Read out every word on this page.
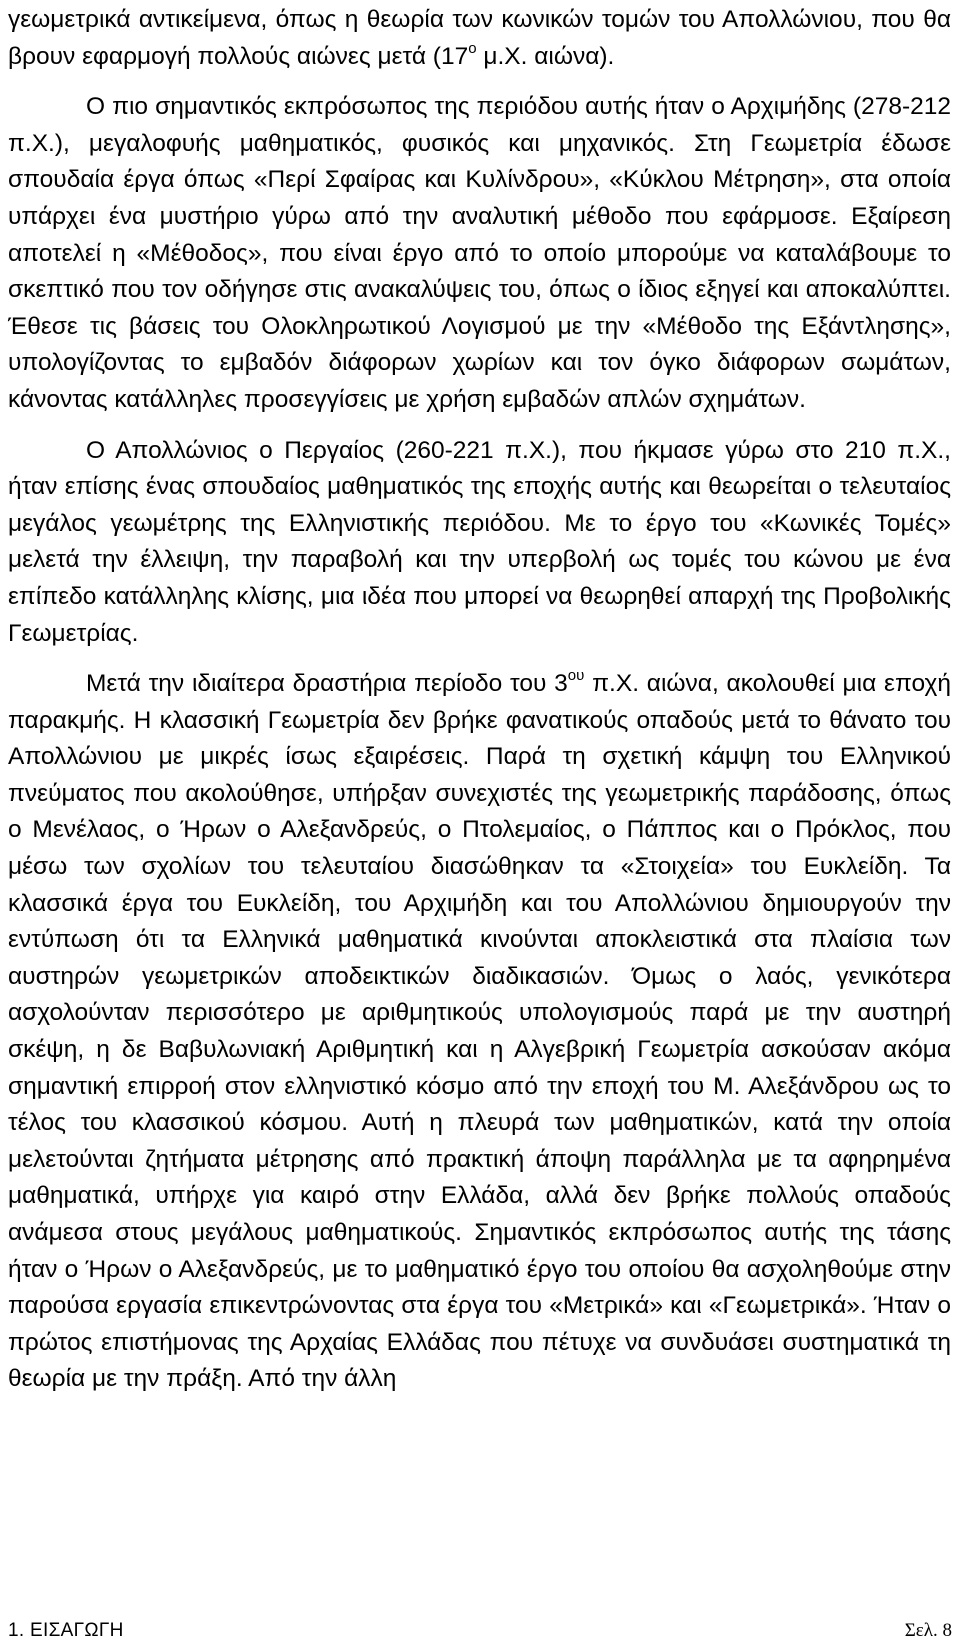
γεωμετρικά αντικείμενα, όπως η θεωρία των κωνικών τομών του Απολλώνιου, που θα βρουν εφαρμογή πολλούς αιώνες μετά ($17^o$ μ.Χ. αιώνα).

Ο πιο σημαντικός εκπρόσωπος της περιόδου αυτής ήταν ο Αρχιμήδης (278-212 π.Χ.), μεγαλοφυής μαθηματικός, φυσικός και μηχανικός. Στη Γεωμετρία έδωσε σπουδαία έργα όπως «Περί Σφαίρας και Κυλίνδρου», «Κύκλου Μέτρηση», στα οποία υπάρχει ένα μυστήριο γύρω από την αναλυτική μέθοδο που εφάρμοσε. Εξαίρεση αποτελεί η «Μέθοδος», που είναι έργο από το οποίο μπορούμε να καταλάβουμε το σκεπτικό που τον οδήγησε στις ανακαλύψεις του, όπως ο ίδιος εξηγεί και αποκαλύπτει. Έθεσε τις βάσεις του Ολοκληρωτικού Λογισμού με την «Μέθοδο της Εξάντλησης», υπολογίζοντας το εμβαδόν διάφορων χωρίων και τον όγκο διάφορων σωμάτων, κάνοντας κατάλληλες προσεγγίσεις με χρήση εμβαδών απλών σχημάτων.

Ο Απολλώνιος ο Περγαίος (260-221 π.Χ.), που ήκμασε γύρω στο 210 π.Χ., ήταν επίσης ένας σπουδαίος μαθηματικός της εποχής αυτής και θεωρείται ο τελευταίος μεγάλος γεωμέτρης της Ελληνιστικής περιόδου. Με το έργο του «Κωνικές Τομές» μελετά την έλλειψη, την παραβολή και την υπερβολή ως τομές του κώνου με ένα επίπεδο κατάλληλης κλίσης, μια ιδέα που μπορεί να θεωρηθεί απαρχή της Προβολικής Γεωμετρίας.

Μετά την ιδιαίτερα δραστήρια περίοδο του $3^{o\upsilon}$ π.Χ. αιώνα, ακολουθεί μια εποχή παρακμής. Η κλασσική Γεωμετρία δεν βρήκε φανατικούς οπαδούς μετά το θάνατο του Απολλώνιου με μικρές ίσως εξαιρέσεις. Παρά τη σχετική κάμψη του Ελληνικού πνεύματος που ακολούθησε, υπήρξαν συνεχιστές της γεωμετρικής παράδοσης, όπως ο Μενέλαος, ο Ήρων ο Αλεξανδρεύς, ο Πτολεμαίος, ο Πάππος και ο Πρόκλος, που μέσω των σχολίων του τελευταίου διασώθηκαν τα «Στοιχεία» του Ευκλείδη. Τα κλασσικά έργα του Ευκλείδη, του Αρχιμήδη και του Απολλώνιου δημιουργούν την εντύπωση ότι τα Ελληνικά μαθηματικά κινούνται αποκλειστικά στα πλαίσια των αυστηρών γεωμετρικών αποδεικτικών διαδικασιών. Όμως ο λαός, γενικότερα ασχολούνταν περισσότερο με αριθμητικούς υπολογισμούς παρά με την αυστηρή σκέψη, η δε Βαβυλωνιακή Αριθμητική και η Αλγεβρική Γεωμετρία ασκούσαν ακόμα σημαντική επιρροή στον ελληνιστικό κόσμο από την εποχή του Μ. Αλεξάνδρου ως το τέλος του κλασσικού κόσμου. Αυτή η πλευρά των μαθηματικών, κατά την οποία μελετούνται ζητήματα μέτρησης από πρακτική άποψη παράλληλα με τα αφηρημένα μαθηματικά, υπήρχε για καιρό στην Ελλάδα, αλλά δεν βρήκε πολλούς οπαδούς ανάμεσα στους μεγάλους μαθηματικούς. Σημαντικός εκπρόσωπος αυτής της τάσης ήταν ο Ήρων ο Αλεξανδρεύς, με το μαθηματικό έργο του οποίου θα ασχοληθούμε στην παρούσα εργασία επικεντρώνοντας στα έργα του «Μετρικά» και «Γεωμετρικά». Ήταν ο πρώτος επιστήμονας της Αρχαίας Ελλάδας που πέτυχε να συνδυάσει συστηματικά τη θεωρία με την πράξη. Από την άλλη

1. ΕΙΣΑΓΩΓΗ	Σελ. 8
